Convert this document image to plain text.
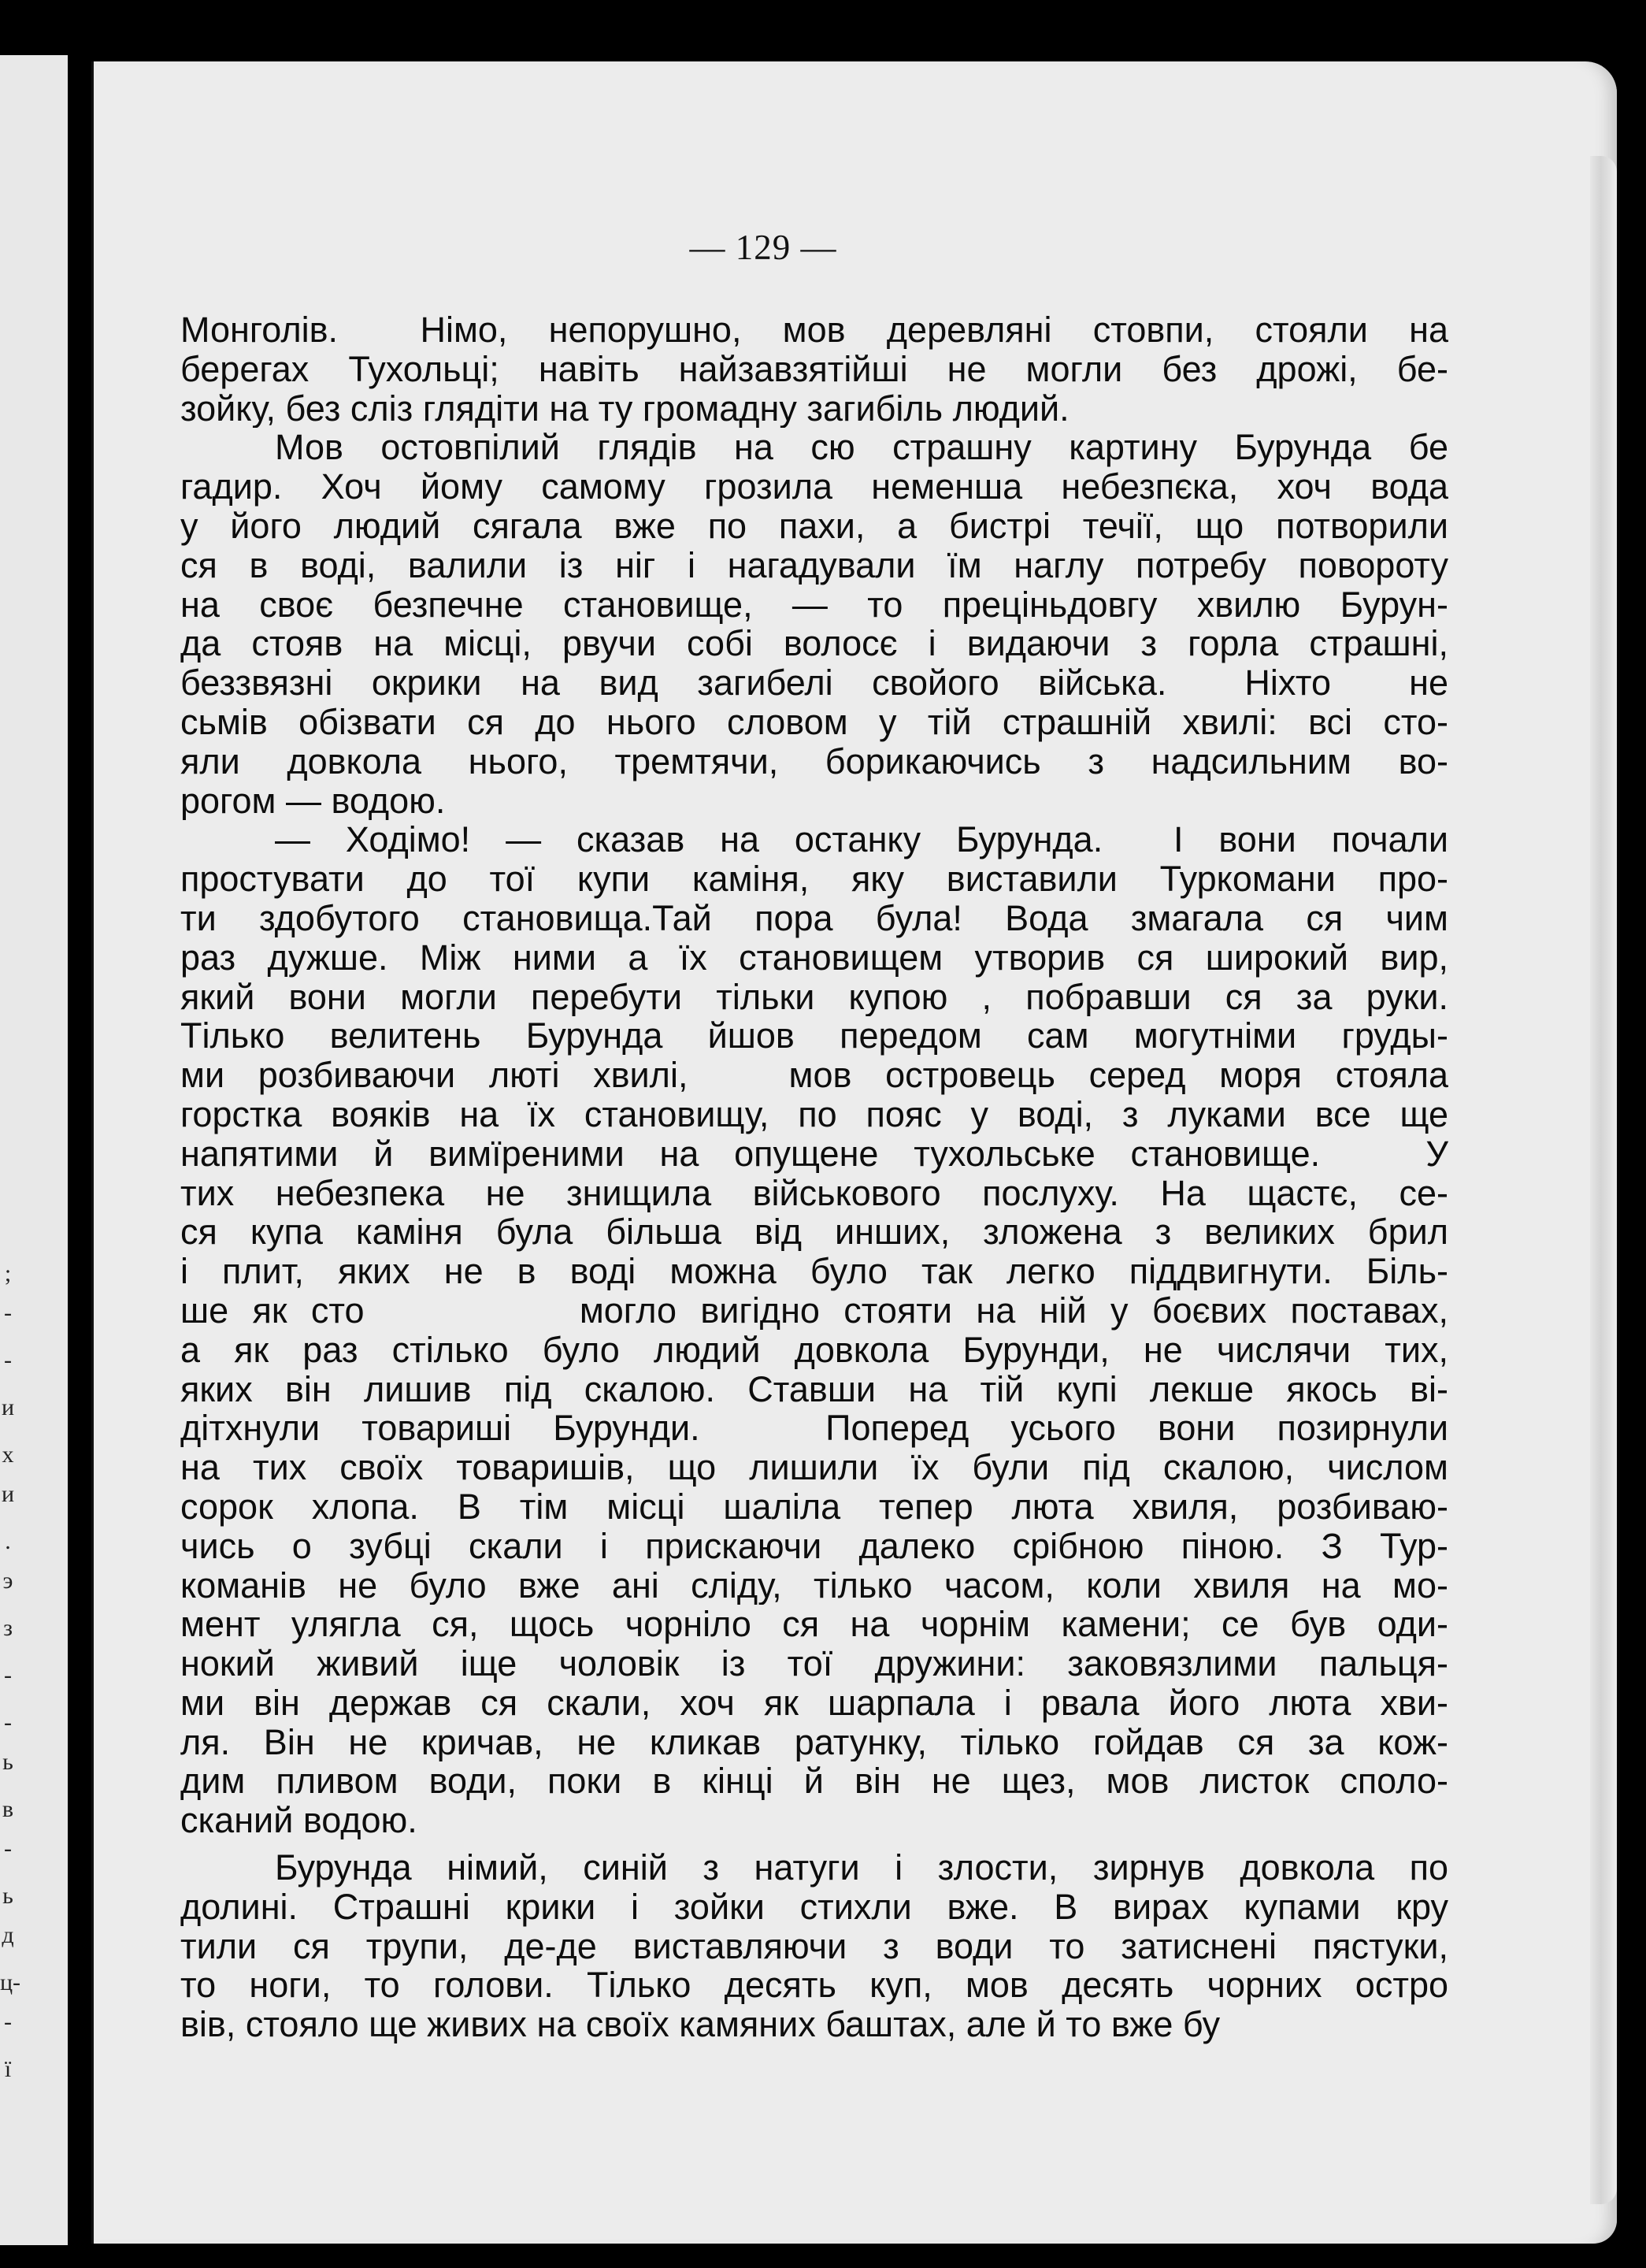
;
-
-
и
х
и
.
э
з
-
-
ь
в
-
ь
д
ц-
-
ї
— 129 —
Монголів.  Німо, непорушно, мов деревляні стовпи, стояли на
берегах Тухольці; навіть найзавзятійші не могли без дрожі, бе-
зойку, без сліз глядіти на ту громадну загибіль людий.
Мов остовпілий глядів на сю страшну картину Бурунда бе
гадир. Хоч йому самому грозила неменша небезпєка, хоч вода
у його людий сягала вже по пахи, а бистрі течії, що потворили
ся в воді, валили із ніг і нагадували їм наглу потребу повороту
на своє безпечне становище, — то преціньдовгу хвилю Бурун-
да стояв на місці, рвучи собі волосє і видаючи з горла страшні,
беззвязні окрики на вид загибелі свойого війська.  Ніхто  не
сьмів обізвати ся до нього словом у тій страшній хвилі: всі сто-
яли довкола нього, тремтячи, борикаючись з надсильним во-
рогом — водою.
— Ходімо! — сказав на останку Бурунда.  І вони почали
простувати до тої купи каміня, яку виставили Туркомани про-
ти здобутого становища.Тай пора була! Вода змагала ся чим
раз дужше. Між ними а їх становищем утворив ся широкий вир,
який вони могли перебути тільки купою , побравши ся за руки.
Тілько велитень Бурунда йшов передом сам могутніми груды-
ми розбиваючи люті хвилі,   мов островець серед моря стояла
горстка вояків на їх становищу, по пояс у воді, з луками все ще
напятими й вимїреними на опущене тухольське становище.   У
тих небезпека не знищила військового послуху. На щастє, се-
ся купа каміня була більша від инших, зложена з великих брил
і плит, яких не в воді можна було так легко піддвигнути. Біль-
ше як сто         могло вигідно стояти на ній у боєвих поставах,
а як раз стілько було людий довкола Бурунди, не числячи тих,
яких він лишив під скалою. Ставши на тій купі лекше якось ві-
дітхнули товариші Бурунди.   Поперед усього вони позирнули
на тих своїх товаришів, що лишили їх були під скалою, числом
сорок хлопа. В тім місці шаліла тепер люта хвиля, розбиваю-
чись о зубці скали і прискаючи далеко срібною піною. З Тур-
команів не було вже ані сліду, тілько часом, коли хвиля на мо-
мент улягла ся, щось чорніло ся на чорнім камени; се був оди-
нокий живий іще чоловік із тої дружини: заковязлими пальця-
ми він держав ся скали, хоч як шарпала і рвала його люта хви-
ля. Він не кричав, не кликав ратунку, тілько гойдав ся за кож-
дим пливом води, поки в кінці й він не щез, мов листок споло-
сканий водою.
Бурунда німий, синій з натуги і злости, зирнув довкола по
долині. Страшні крики і зойки стихли вже. В вирах купами кру
тили ся трупи, де-де виставляючи з води то затиснені пястуки,
то ноги, то голови. Тілько десять куп, мов десять чорних остро
вів, стояло ще живих на своїх камяних баштах, але й то вже бу
